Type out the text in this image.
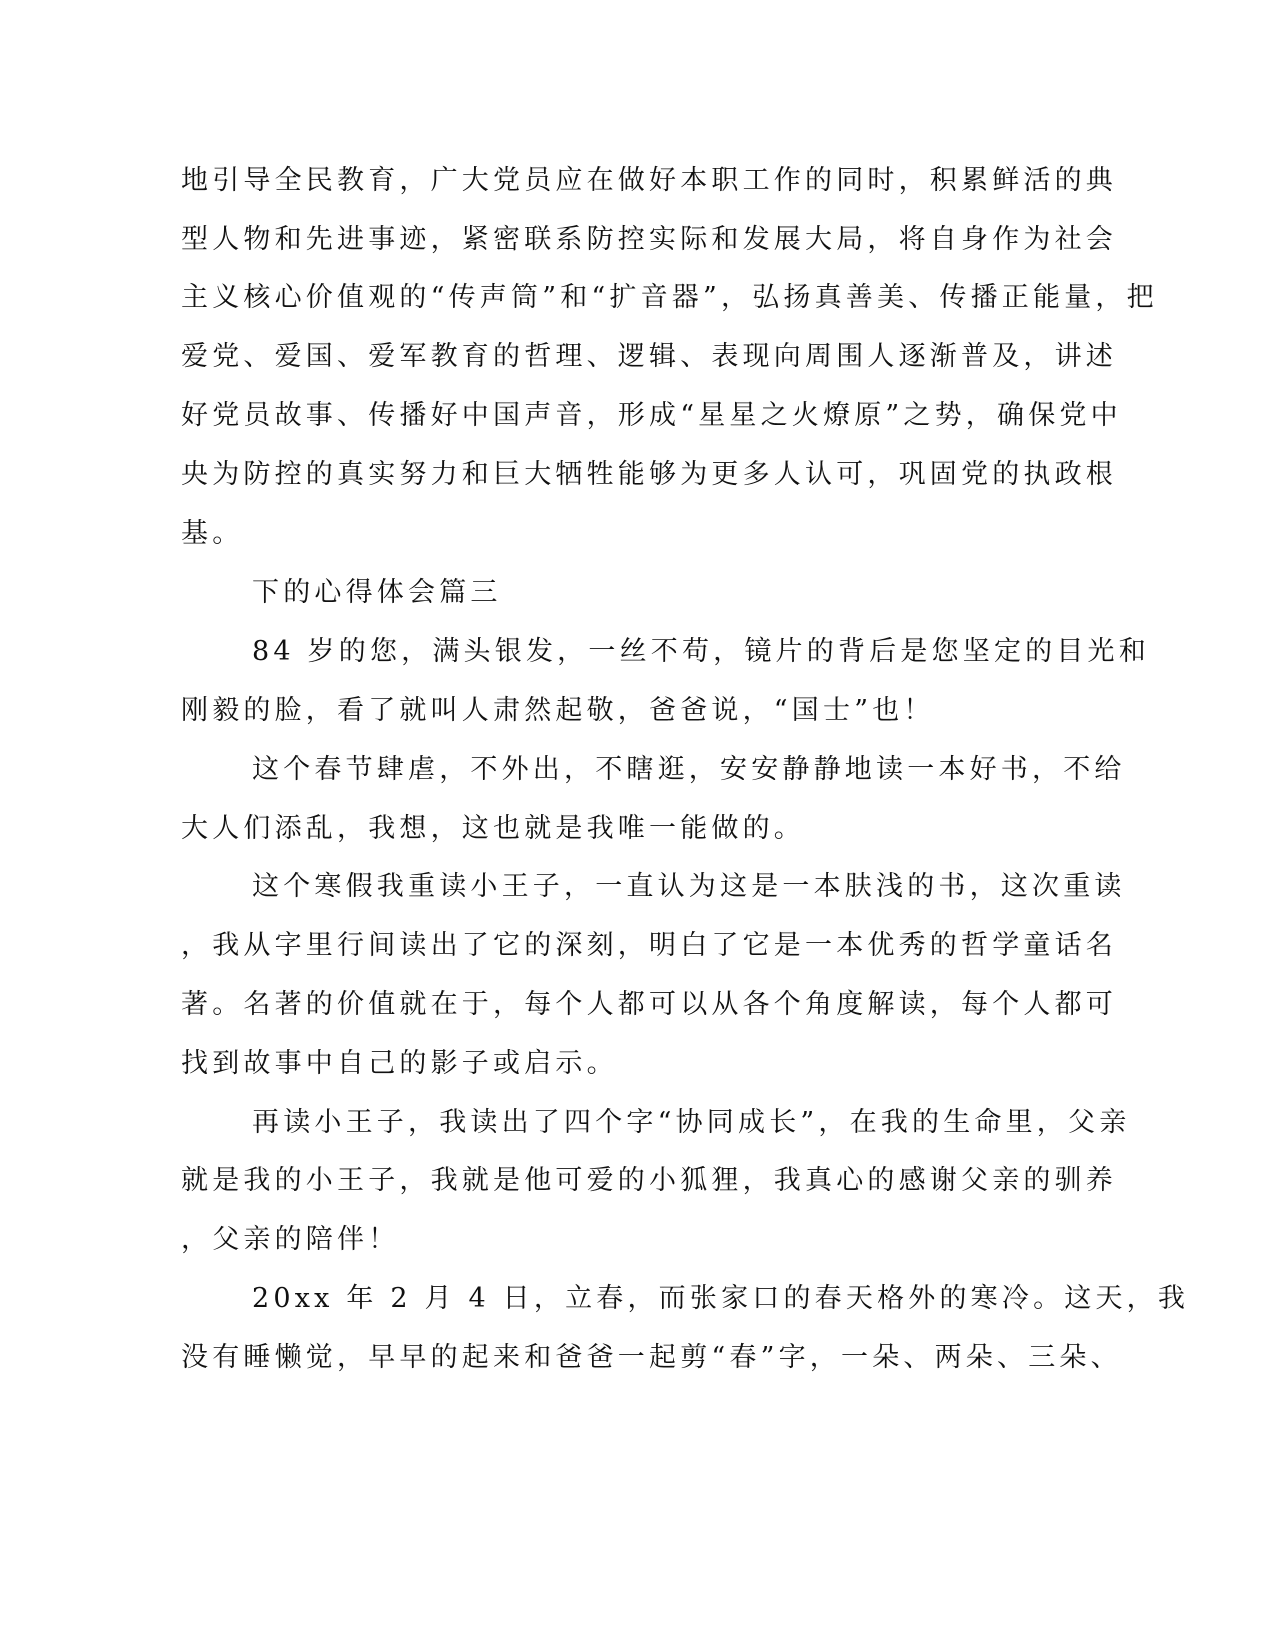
地引导全民教育，广大党员应在做好本职工作的同时，积累鲜活的典
型人物和先进事迹，紧密联系防控实际和发展大局，将自身作为社会
主义核心价值观的“传声筒”和“扩音器”，弘扬真善美、传播正能量，把
爱党、爱国、爱军教育的哲理、逻辑、表现向周围人逐渐普及，讲述
好党员故事、传播好中国声音，形成“星星之火燎原”之势，确保党中
央为防控的真实努力和巨大牺牲能够为更多人认可，巩固党的执政根
基。
下的心得体会篇三
84 岁的您，满头银发，一丝不苟，镜片的背后是您坚定的目光和
刚毅的脸，看了就叫人肃然起敬，爸爸说，“国士”也！
这个春节肆虐，不外出，不瞎逛，安安静静地读一本好书，不给
大人们添乱，我想，这也就是我唯一能做的。
这个寒假我重读小王子，一直认为这是一本肤浅的书，这次重读
，我从字里行间读出了它的深刻，明白了它是一本优秀的哲学童话名
著。名著的价值就在于，每个人都可以从各个角度解读，每个人都可
找到故事中自己的影子或启示。
再读小王子，我读出了四个字“协同成长”，在我的生命里，父亲
就是我的小王子，我就是他可爱的小狐狸，我真心的感谢父亲的驯养
，父亲的陪伴！
20xx 年 2 月 4 日，立春，而张家口的春天格外的寒冷。这天，我
没有睡懒觉，早早的起来和爸爸一起剪“春”字，一朵、两朵、三朵、
